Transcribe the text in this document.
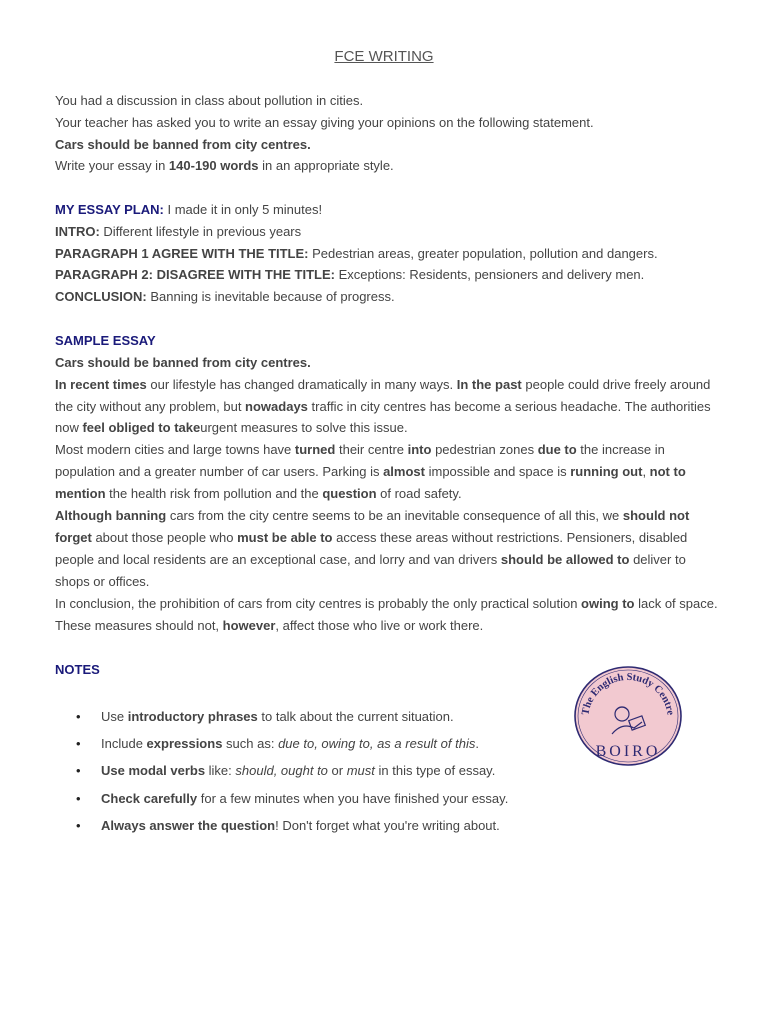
FCE WRITING

You had a discussion in class about pollution in cities.

Your teacher has asked you to write an essay giving your opinions on the following statement.

Cars should be banned from city centres.

Write your essay in 140-190 words in an appropriate style.

MY ESSAY PLAN: I made it in only 5 minutes!

INTRO: Different lifestyle in previous years

PARAGRAPH 1 AGREE WITH THE TITLE: Pedestrian areas, greater population, pollution and dangers.

PARAGRAPH 2: DISAGREE WITH THE TITLE: Exceptions: Residents, pensioners and delivery men.

CONCLUSION: Banning is inevitable because of progress.

SAMPLE ESSAY

Cars should be banned from city centres.

In recent times our lifestyle has changed dramatically in many ways. In the past people could drive freely around the city without any problem, but nowadays traffic in city centres has become a serious headache. The authorities now feel obliged to takeurgent measures to solve this issue.

Most modern cities and large towns have turned their centre into pedestrian zones due to the increase in population and a greater number of car users. Parking is almost impossible and space is running out, not to mention the health risk from pollution and the question of road safety.

Although banning cars from the city centre seems to be an inevitable consequence of all this, we should not forget about those people who must be able to access these areas without restrictions. Pensioners, disabled people and local residents are an exceptional case, and lorry and van drivers should be allowed to deliver to shops or offices.

In conclusion, the prohibition of cars from city centres is probably the only practical solution owing to lack of space. These measures should not, however, affect those who live or work there.

NOTES

• Use introductory phrases to talk about the current situation.
• Include expressions such as: due to, owing to, as a result of this.
• Use modal verbs like: should, ought to or must in this type of essay.
• Check carefully for a few minutes when you have finished your essay.
• Always answer the question! Don't forget what you're writing about.
The English Study Centre
BOIRO
